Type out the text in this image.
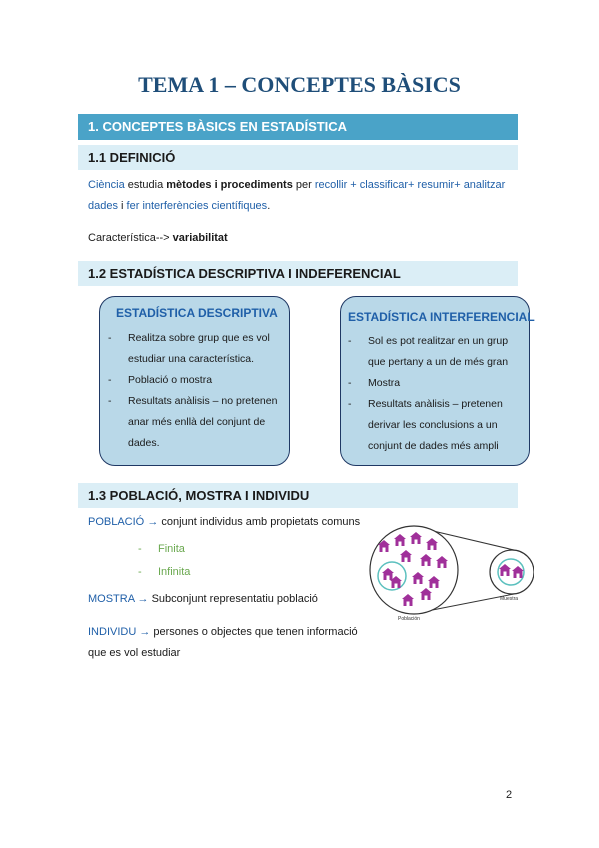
TEMA 1 – CONCEPTES BÀSICS
1. CONCEPTES BÀSICS EN ESTADÍSTICA
1.1 DEFINICIÓ
Ciència estudia mètodes i procediments per recollir + classificar+ resumir+ analitzar dades i fer interferències científiques.
Característica--> variabilitat
1.2 ESTADÍSTICA DESCRIPTIVA I INDEFERENCIAL
ESTADÍSTICA DESCRIPTIVA
- Realitza sobre grup que es vol estudiar una característica.
- Població o mostra
- Resultats anàlisis – no pretenen anar més enllà del conjunt de dades.
ESTADÍSTICA INTERFERENCIAL
- Sol es pot realitzar en un grup que pertany a un de més gran
- Mostra
- Resultats anàlisis – pretenen derivar les conclusions a un conjunt de dades més ampli
1.3 POBLACIÓ, MOSTRA I INDIVIDU
POBLACIÓ → conjunt individus amb propietats comuns
- Finita
- Infinita
MOSTRA → Subconjunt representatiu població
INDIVIDU → persones o objectes que tenen informació que es vol estudiar
Población
Muestra
2
